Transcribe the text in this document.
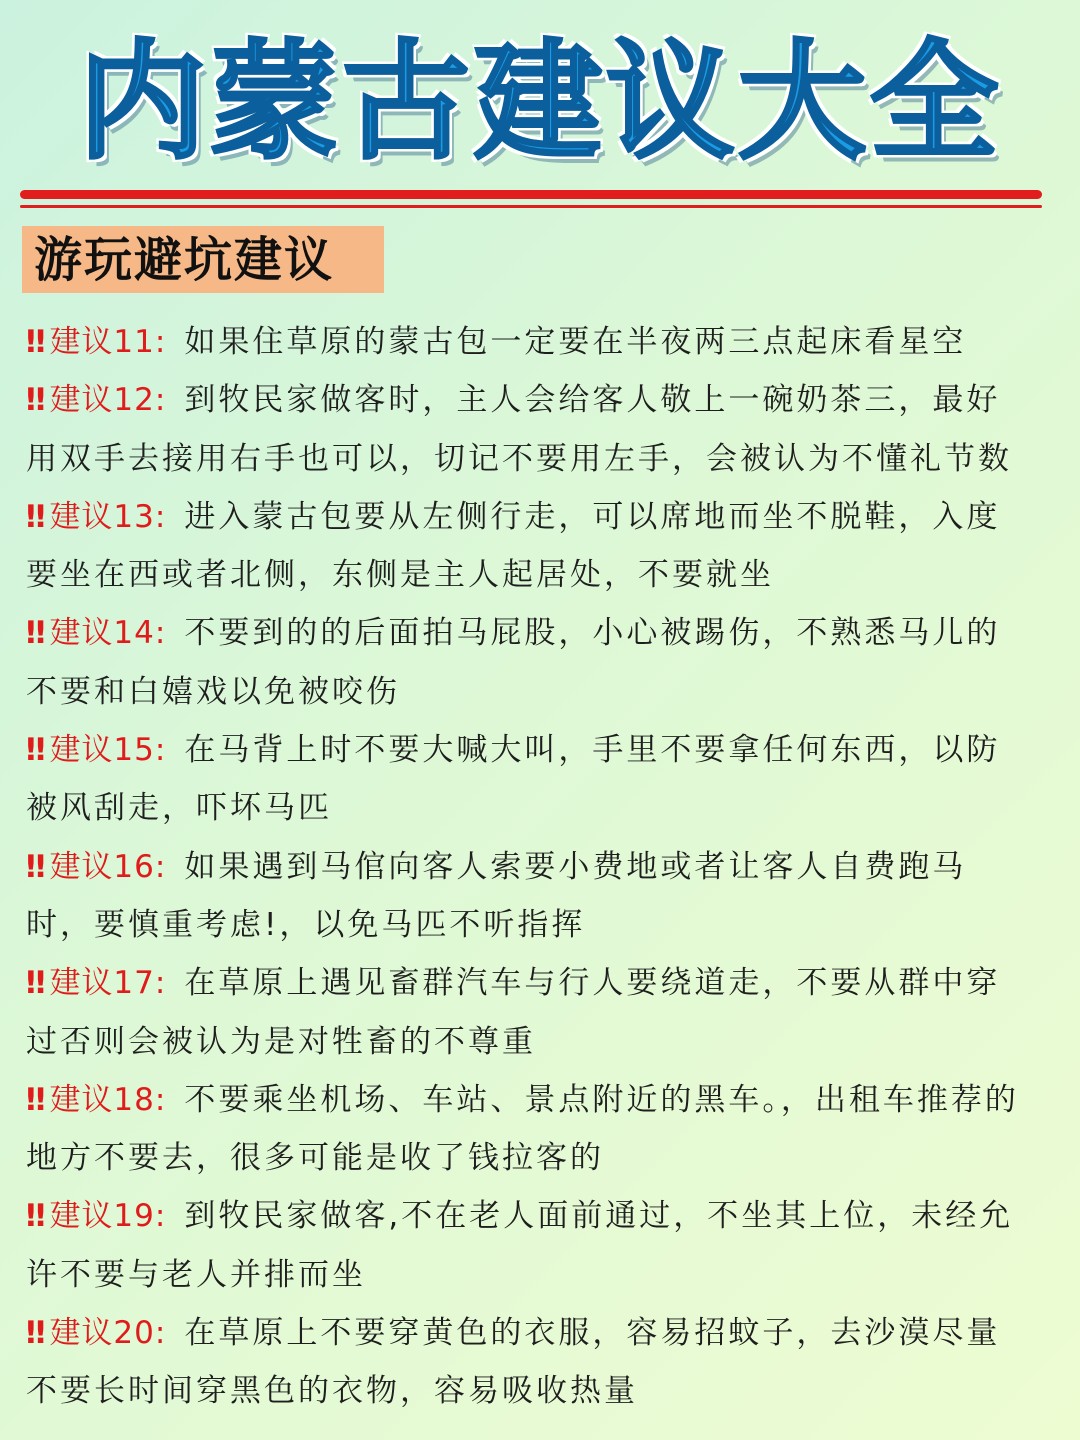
内蒙古建议大全
游玩避坑建议

‼ 建议11: 如果住草原的蒙古包一定要在半夜两三点起床看星空

‼ 建议12: 到牧民家做客时，主人会给客人敬上一碗奶茶三，最好用双手去接用右手也可以，切记不要用左手，会被认为不懂礼节数

‼ 建议13: 进入蒙古包要从左侧行走，可以席地而坐不脱鞋，入度要坐在西或者北侧，东侧是主人起居处，不要就坐

‼ 建议14: 不要到的的后面拍马屁股，小心被踢伤，不熟悉马儿的不要和白嬉戏以免被咬伤

‼ 建议15: 在马背上时不要大喊大叫，手里不要拿任何东西，以防被风刮走，吓坏马匹

‼ 建议16: 如果遇到马倌向客人索要小费地或者让客人自费跑马时，要慎重考虑!，以免马匹不听指挥

‼ 建议17: 在草原上遇见畜群汽车与行人要绕道走，不要从群中穿过否则会被认为是对牲畜的不尊重

‼ 建议18: 不要乘坐机场、车站、景点附近的黑车。，出租车推荐的地方不要去，很多可能是收了钱拉客的

‼ 建议19: 到牧民家做客,不在老人面前通过，不坐其上位，未经允许不要与老人并排而坐

‼ 建议20: 在草原上不要穿黄色的衣服，容易招蚊子，去沙漠尽量不要长时间穿黑色的衣物，容易吸收热量
